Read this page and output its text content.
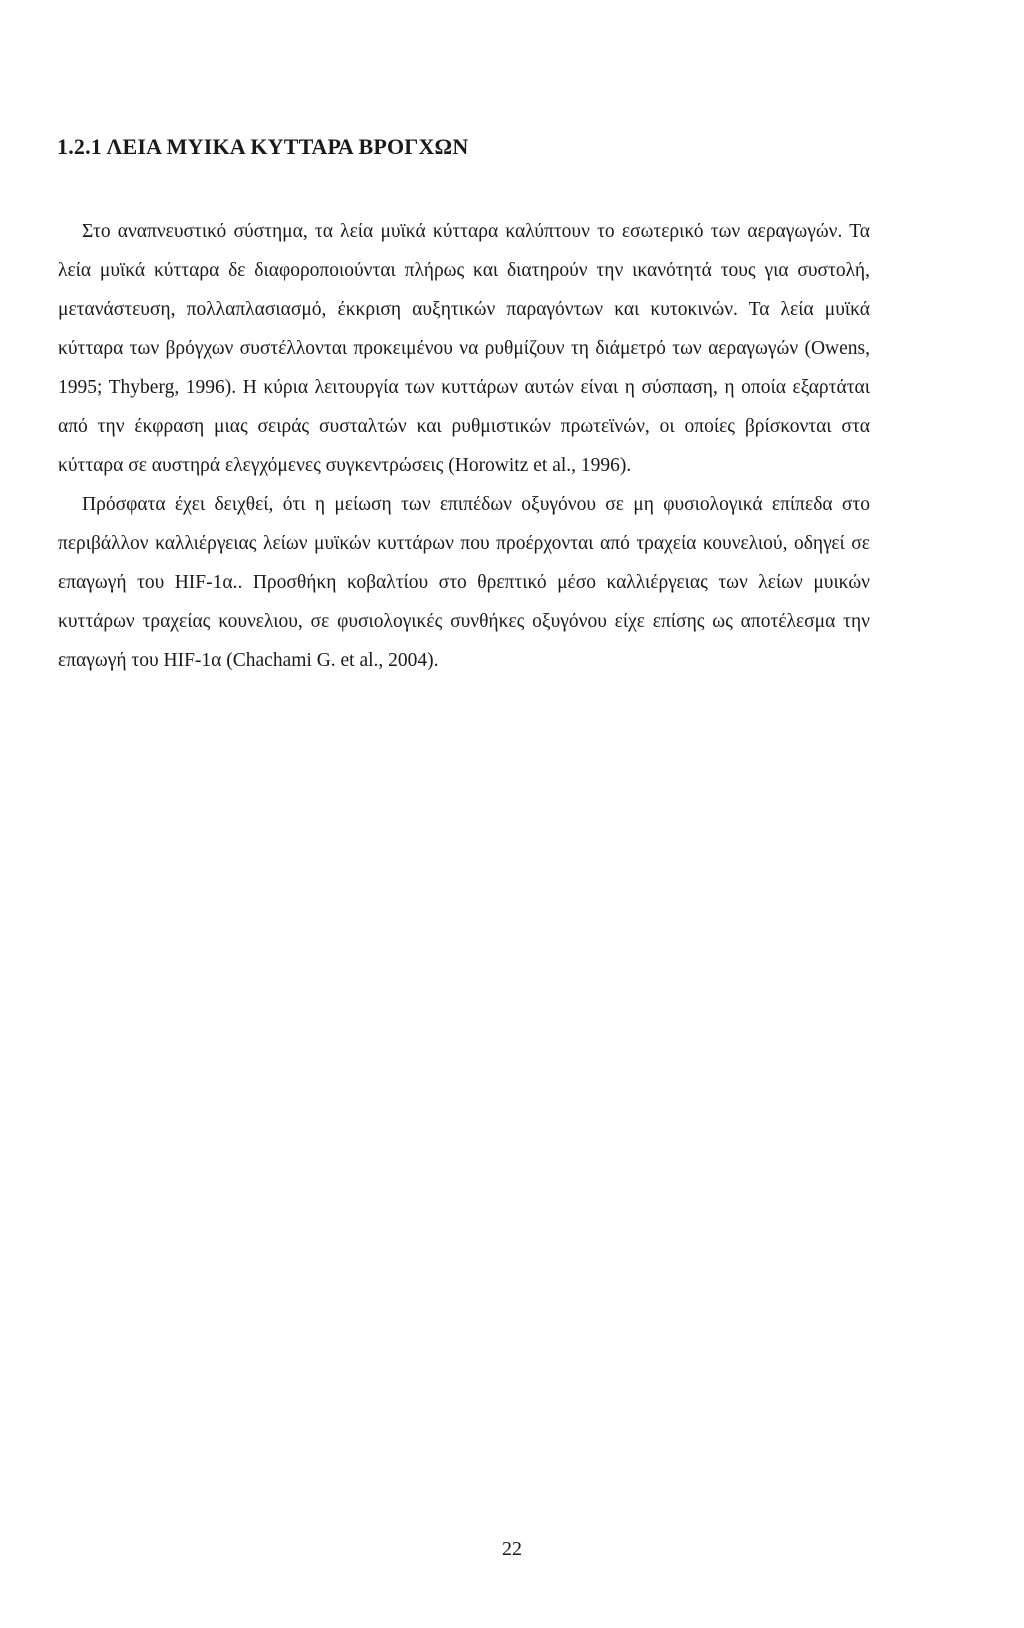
1.2.1 ΛΕΙΑ ΜΥΙΚΑ ΚΥΤΤΑΡΑ ΒΡΟΓΧΩΝ

Στο αναπνευστικό σύστημα, τα λεία μυϊκά κύτταρα καλύπτουν το εσωτερικό των αεραγωγών. Τα λεία μυϊκά κύτταρα δε διαφοροποιούνται πλήρως και διατηρούν την ικανότητά τους για συστολή, μετανάστευση, πολλαπλασιασμό, έκκριση αυξητικών παραγόντων και κυτοκινών. Τα λεία μυϊκά κύτταρα των βρόγχων συστέλλονται προκειμένου να ρυθμίζουν τη διάμετρό των αεραγωγών (Owens, 1995; Thyberg, 1996). Η κύρια λειτουργία των κυττάρων αυτών είναι η σύσπαση, η οποία εξαρτάται από την έκφραση μιας σειράς συσταλτών και ρυθμιστικών πρωτεϊνών, οι οποίες βρίσκονται στα κύτταρα σε αυστηρά ελεγχόμενες συγκεντρώσεις (Horowitz et al., 1996).

Πρόσφατα έχει δειχθεί, ότι η μείωση των επιπέδων οξυγόνου σε μη φυσιολογικά επίπεδα στο περιβάλλον καλλιέργειας λείων μυϊκών κυττάρων που προέρχονται από τραχεία κουνελιού, οδηγεί σε επαγωγή του HIF-1α.. Προσθήκη κοβαλτίου στο θρεπτικό μέσο καλλιέργειας των λείων μυικών κυττάρων τραχείας κουνελιου, σε φυσιολογικές συνθήκες οξυγόνου είχε επίσης ως αποτέλεσμα την επαγωγή του HIF-1α (Chachami G. et al., 2004).

22
